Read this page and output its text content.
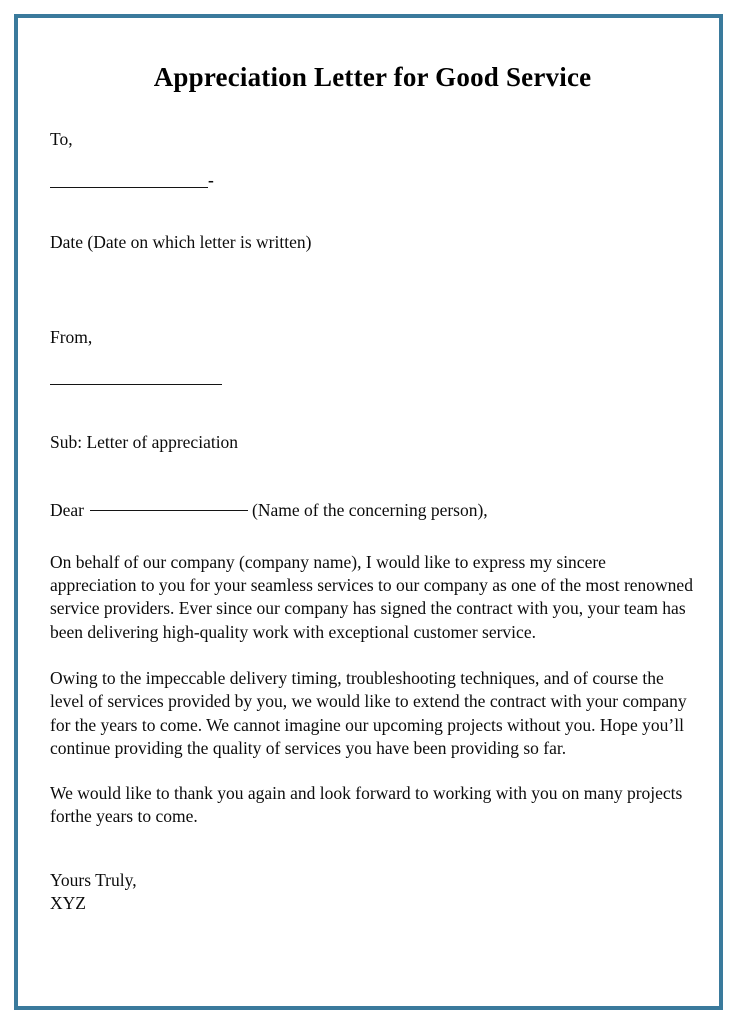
Appreciation Letter for Good Service
To,
-
Date (Date on which letter is written)
From,
Sub: Letter of appreciation
Dear	(Name of the concerning person),

On behalf of our company (company name), I would like to express my sincere appreciation to you for your seamless services to our company as one of the most renowned service providers. Ever since our company has signed the contract with you, your team has been delivering high-quality work with exceptional customer service.

Owing to the impeccable delivery timing, troubleshooting techniques, and of course the level of services provided by you, we would like to extend the contract with your company for the years to come. We cannot imagine our upcoming projects without you. Hope you’ll continue providing the quality of services you have been providing so far.

We would like to thank you again and look forward to working with you on many projects forthe years to come.

Yours Truly,
XYZ
